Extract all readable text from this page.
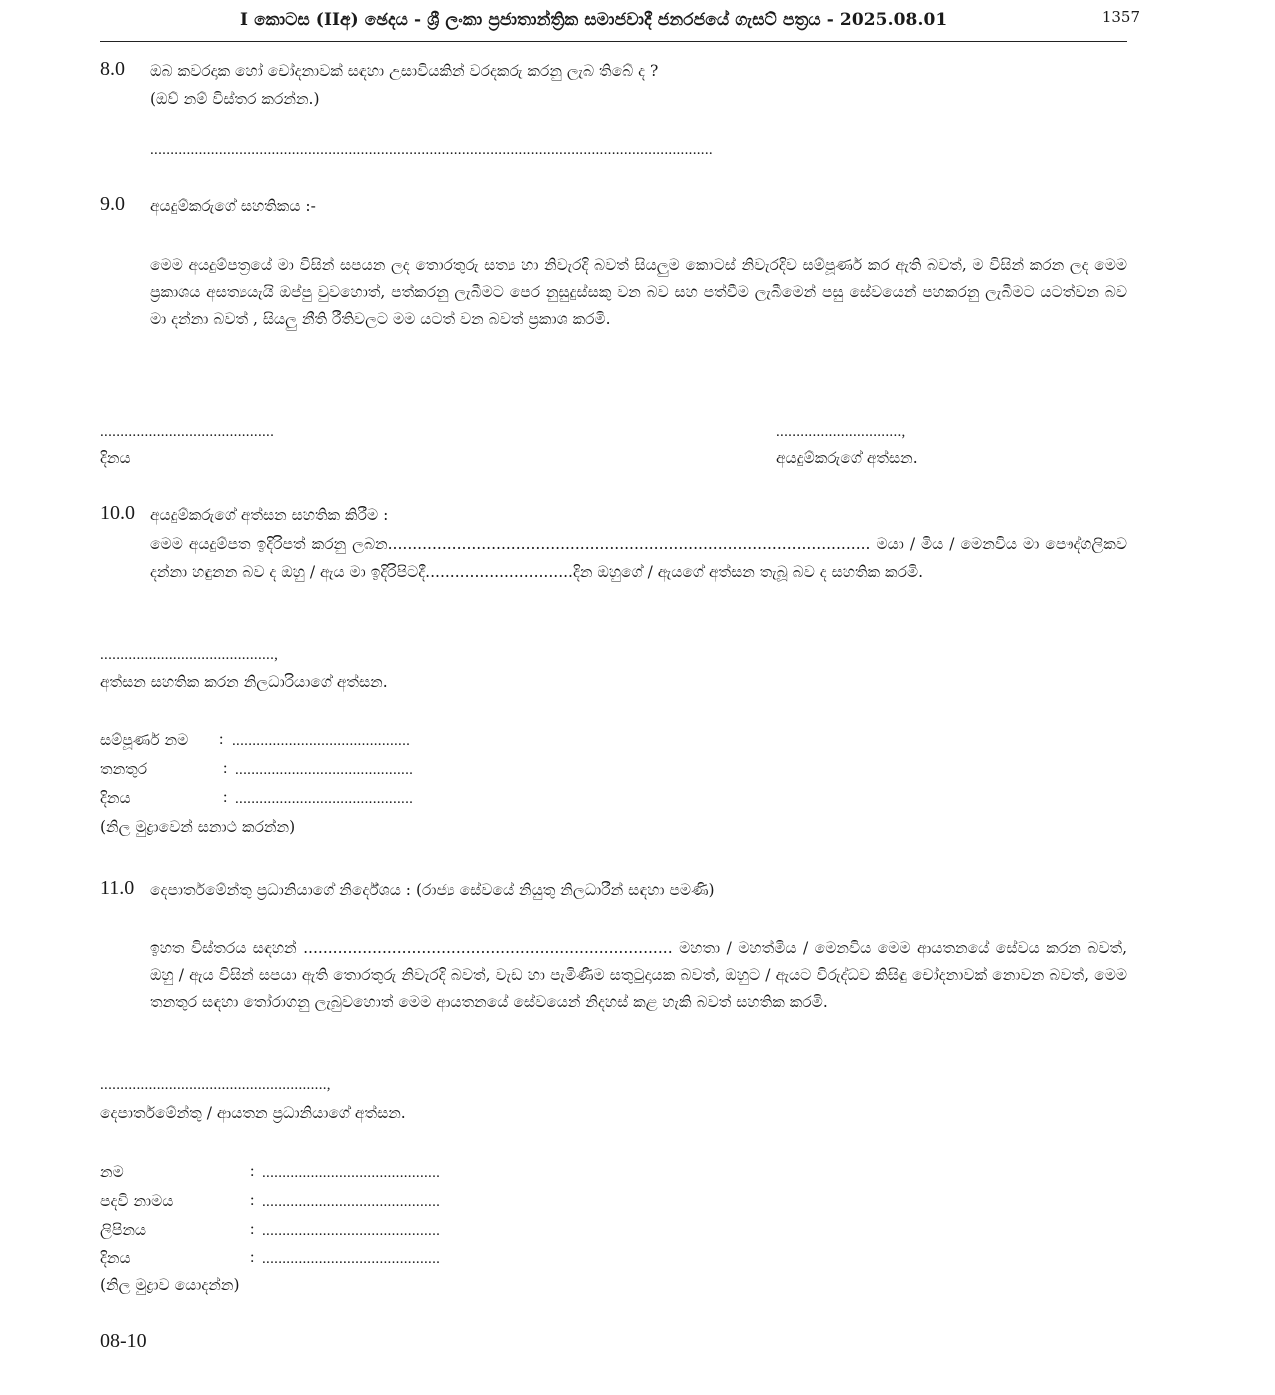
I කොටස (IIඅ) ඡෙදය - ශ්‍රී ලංකා ප්‍රජාතාන්ත්‍රික සමාජවාදී ජනරජයේ ගැසට් පත්‍රය - 2025.08.01	1357
8.0 ඔබ කවරදාක හෝ චෝදනාවක් සඳහා උසාවියකින් වරදකරු කරනු ලැබ තිබේ ද ?
(ඔව් නම් විස්තර කරන්න.)
...........................................................................................................................................
9.0 අයදුම්කරුගේ සහතිකය :-
මෙම අයදුම්පත්‍රයේ මා විසින් සපයන ලද තොරතුරු සත්‍ය හා නිවැරදි බවත් සියලුම කොටස් නිවැරදිව සම්පූර්ණ කර ඇති බවත්, ම විසින් කරන ලද මෙම ප්‍රකාශය අසත්‍යයැයි ඔප්පු වුවහොත්, පත්කරනු ලැබීමට පෙර නුසුදුස්සකු වන බව සහ පත්වීම ලැබීමෙන් පසු සේවයෙන් පහකරනු ලැබීමට යටත්වන බව මා දන්නා බවත් , සියලු නීති රීතිවලට මම යටත් වන බවත් ප්‍රකාශ කරමි.
...........................................
දිනය
...............................,
අයදුම්කරුගේ අත්සන.
10.0 අයදුම්කරුගේ අත්සන සහතික කිරීම :
මෙම අයදුම්පත ඉදිරිපත් කරනු ලබන.................................................................................................. මයා / මිය / මෙනවිය මා පෞද්ගලිකව දන්නා හඳුනන බව ද ඔහු / ඇය මා ඉදිරිපිටදී..............................දින ඔහුගේ / ඇයගේ අත්සන තැබූ බව ද සහතික කරමි.
...........................................,
අත්සන සහතික කරන නිලධාරියාගේ අත්සන.
සම්පූර්ණ නම : ............................................
තනතුර	: ............................................
දිනය	: ............................................
(නිල මුද්‍රාවෙන් සනාථ කරන්න)
11.0 දෙපාර්තමේන්තු ප්‍රධානියාගේ නිර්දේශය : (රාජ්‍ය සේවයේ නියුතු නිලධාරීන් සඳහා පමණි)
ඉහත විස්තරය සඳහන් ........................................................................... මහතා / මහත්මිය / මෙනවිය මෙම ආයතනයේ සේවය කරන බවත්, ඔහු / ඇය විසින් සපයා ඇති තොරතුරු නිවැරදි බවත්, වැඩ හා පැමිණීම සතුටුදායක බවත්, ඔහුට / ඇයට විරුද්ධව කිසිඳු චෝදනාවක් නොවන බවත්, මෙම තනතුර සඳහා තෝරාගනු ලැබුවහොත් මෙම ආයතනයේ සේවයෙන් නිදහස් කළ හැකි බවත් සහතික කරමි.
........................................................,
දෙපාර්තමේන්තු / ආයතන ප්‍රධානියාගේ අත්සන.
නම	: ............................................
පදවි නාමය	: ............................................
ලිපිනය	: ............................................
දිනය	: ............................................
(නිල මුද්‍රාව යොදන්න)
08-10
